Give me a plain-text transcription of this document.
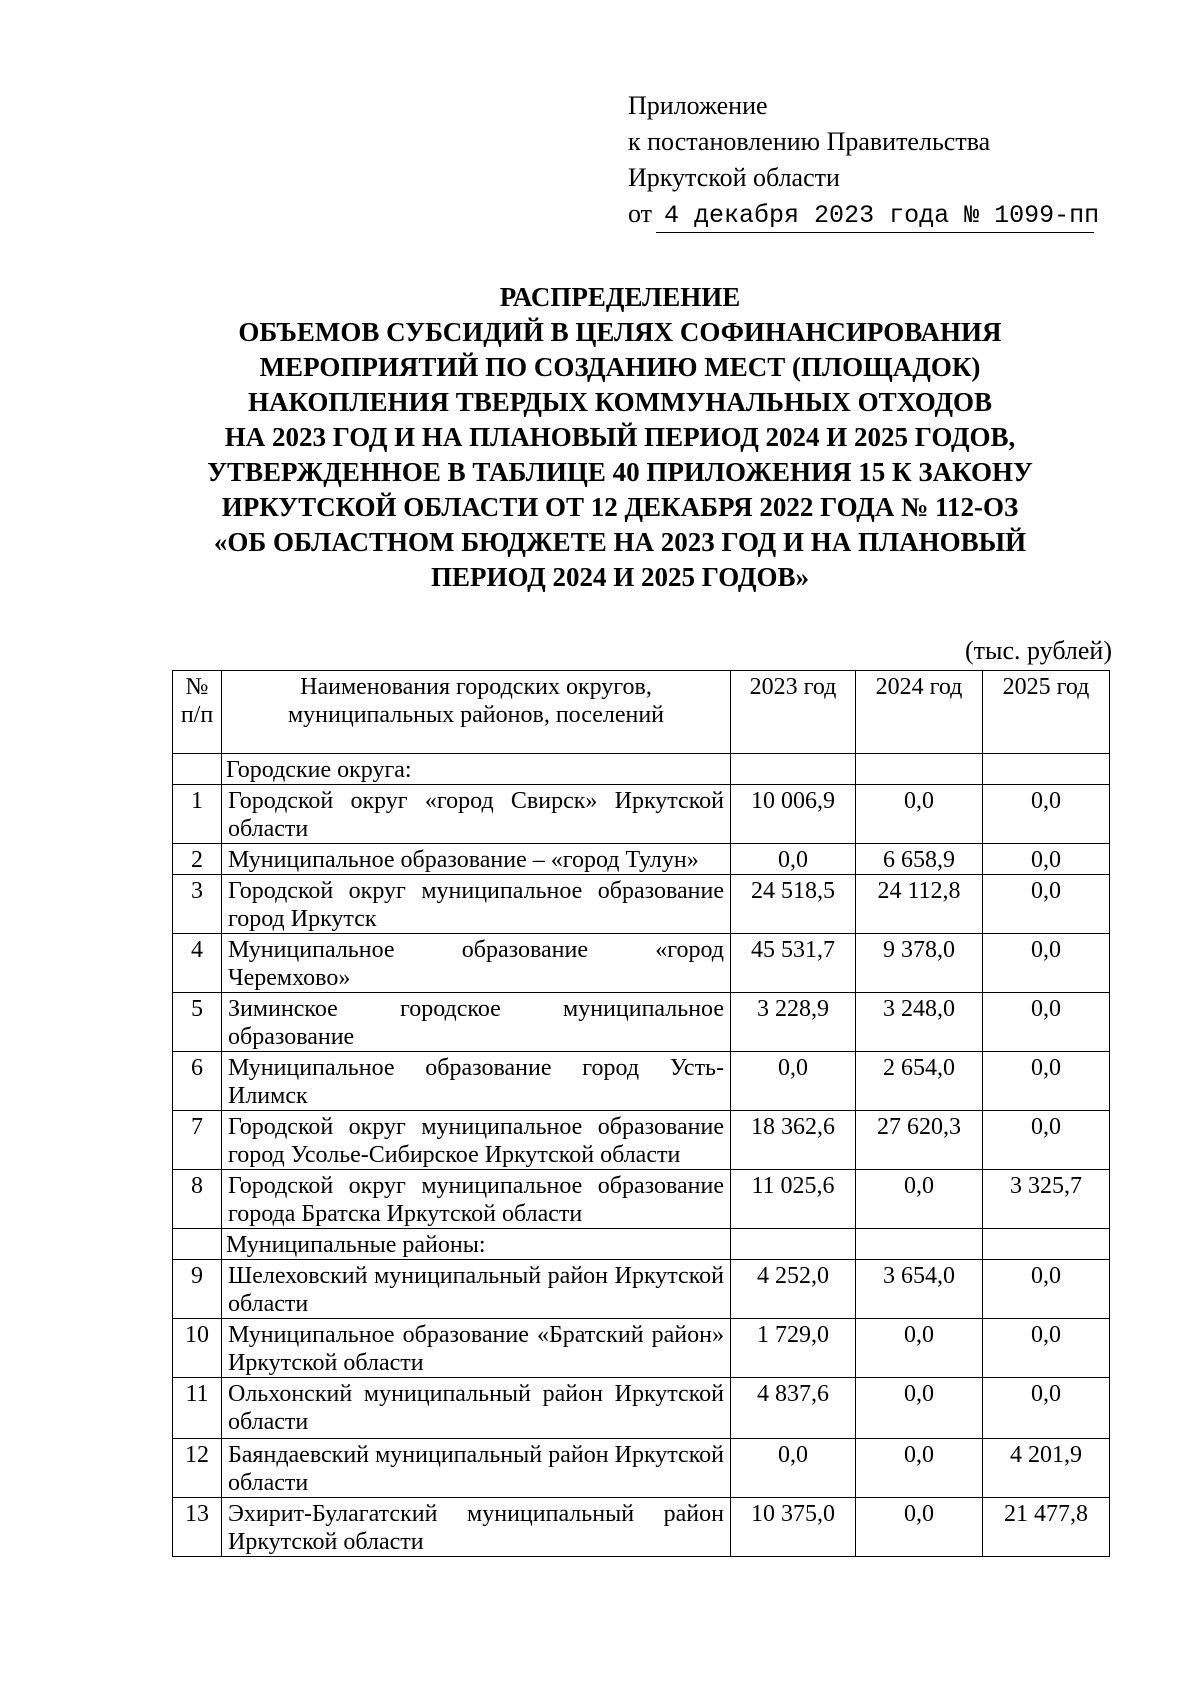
Приложение
к постановлению Правительства
Иркутской области
от 4 декабря 2023 года № 1099-пп
РАСПРЕДЕЛЕНИЕ
ОБЪЕМОВ СУБСИДИЙ В ЦЕЛЯХ СОФИНАНСИРОВАНИЯ
МЕРОПРИЯТИЙ ПО СОЗДАНИЮ МЕСТ (ПЛОЩАДОК)
НАКОПЛЕНИЯ ТВЕРДЫХ КОММУНАЛЬНЫХ ОТХОДОВ
НА 2023 ГОД И НА ПЛАНОВЫЙ ПЕРИОД 2024 И 2025 ГОДОВ,
УТВЕРЖДЕННОЕ В ТАБЛИЦЕ 40 ПРИЛОЖЕНИЯ 15 К ЗАКОНУ
ИРКУТСКОЙ ОБЛАСТИ ОТ 12 ДЕКАБРЯ 2022 ГОДА № 112-ОЗ
«ОБ ОБЛАСТНОМ БЮДЖЕТЕ НА 2023 ГОД И НА ПЛАНОВЫЙ
ПЕРИОД 2024 И 2025 ГОДОВ»
(тыс. рублей)
№ п/п	Наименования городских округов, муниципальных районов, поселений	2023 год	2024 год	2025 год
	Городские округа:			
1	Городской округ «город Свирск» Иркутской области	10 006,9	0,0	0,0
2	Муниципальное образование – «город Тулун»	0,0	6 658,9	0,0
3	Городской округ муниципальное образование город Иркутск	24 518,5	24 112,8	0,0
4	Муниципальное образование «город Черемхово»	45 531,7	9 378,0	0,0
5	Зиминское городское муниципальное образование	3 228,9	3 248,0	0,0
6	Муниципальное образование город Усть-Илимск	0,0	2 654,0	0,0
7	Городской округ муниципальное образование город Усолье-Сибирское Иркутской области	18 362,6	27 620,3	0,0
8	Городской округ муниципальное образование города Братска Иркутской области	11 025,6	0,0	3 325,7
	Муниципальные районы:			
9	Шелеховский муниципальный район Иркутской области	4 252,0	3 654,0	0,0
10	Муниципальное образование «Братский район» Иркутской области	1 729,0	0,0	0,0
11	Ольхонский муниципальный район Иркутской области	4 837,6	0,0	0,0
12	Баяндаевский муниципальный район Иркутской области	0,0	0,0	4 201,9
13	Эхирит-Булагатский муниципальный район Иркутской области	10 375,0	0,0	21 477,8
